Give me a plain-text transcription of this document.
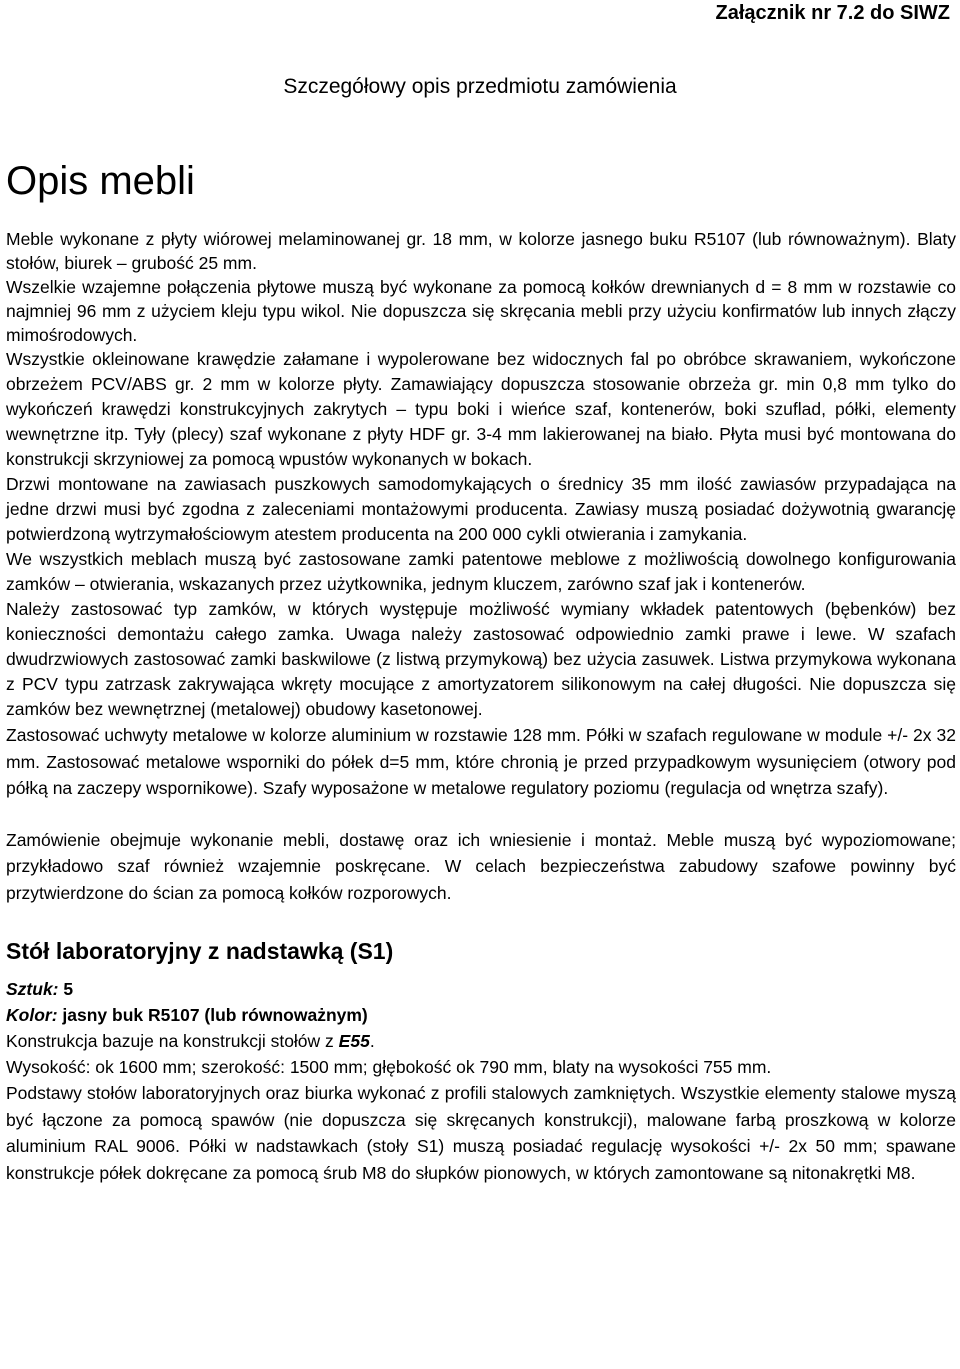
Załącznik nr 7.2 do SIWZ
Szczegółowy opis przedmiotu zamówienia
Opis mebli

Meble wykonane z płyty wiórowej melaminowanej gr. 18 mm, w kolorze jasnego buku R5107 (lub równoważnym). Blaty stołów, biurek – grubość 25 mm.

Wszelkie wzajemne połączenia płytowe muszą być wykonane za pomocą kołków drewnianych d = 8 mm w rozstawie co najmniej 96 mm z użyciem kleju typu wikol. Nie dopuszcza się skręcania mebli przy użyciu konfirmatów lub innych złączy mimośrodowych.

Wszystkie okleinowane krawędzie załamane i wypolerowane bez widocznych fal po obróbce skrawaniem, wykończone obrzeżem PCV/ABS gr. 2 mm w kolorze płyty. Zamawiający dopuszcza stosowanie obrzeża gr. min 0,8 mm tylko do wykończeń krawędzi konstrukcyjnych zakrytych – typu boki i wieńce szaf, kontenerów, boki szuflad, półki, elementy wewnętrzne itp. Tyły (plecy) szaf wykonane z płyty HDF gr. 3-4 mm lakierowanej na biało. Płyta musi być montowana do konstrukcji skrzyniowej za pomocą wpustów wykonanych w bokach.

Drzwi montowane na zawiasach puszkowych samodomykających o średnicy 35 mm ilość zawiasów przypadająca na jedne drzwi musi być zgodna z zaleceniami montażowymi producenta. Zawiasy muszą posiadać dożywotnią gwarancję potwierdzoną wytrzymałościowym atestem producenta na 200 000 cykli otwierania i zamykania.

We wszystkich meblach muszą być zastosowane zamki patentowe meblowe z możliwością dowolnego konfigurowania zamków – otwierania, wskazanych przez użytkownika, jednym kluczem, zarówno szaf jak i kontenerów.

Należy zastosować typ zamków, w których występuje możliwość wymiany wkładek patentowych (bębenków) bez konieczności demontażu całego zamka. Uwaga należy zastosować odpowiednio zamki prawe i lewe. W szafach dwudrzwiowych zastosować zamki baskwilowe (z listwą przymykową) bez użycia zasuwek. Listwa przymykowa wykonana z PCV typu zatrzask zakrywająca wkręty mocujące z amortyzatorem silikonowym na całej długości. Nie dopuszcza się zamków bez wewnętrznej (metalowej) obudowy kasetonowej.

Zastosować uchwyty metalowe w kolorze aluminium w rozstawie 128 mm. Półki w szafach regulowane w module +/- 2x 32 mm. Zastosować metalowe wsporniki do półek d=5 mm, które chronią je przed przypadkowym wysunięciem (otwory pod półką na zaczepy wspornikowe). Szafy wyposażone w metalowe regulatory poziomu (regulacja od wnętrza szafy).

Zamówienie obejmuje wykonanie mebli, dostawę oraz ich wniesienie i montaż. Meble muszą być wypoziomowane; przykładowo szaf również wzajemnie poskręcane. W celach bezpieczeństwa zabudowy szafowe powinny być przytwierdzone do ścian za pomocą kołków rozporowych.

Stół laboratoryjny z nadstawką (S1)

Sztuk: 5

Kolor: jasny buk R5107 (lub równoważnym)

Konstrukcja bazuje na konstrukcji stołów z E55.

Wysokość: ok 1600 mm; szerokość: 1500 mm; głębokość ok 790 mm, blaty na wysokości 755 mm.

Podstawy stołów laboratoryjnych oraz biurka wykonać z profili stalowych zamkniętych. Wszystkie elementy stalowe myszą być łączone za pomocą spawów (nie dopuszcza się skręcanych konstrukcji), malowane farbą proszkową w kolorze aluminium RAL 9006. Półki w nadstawkach (stoły S1) muszą posiadać regulację wysokości +/- 2x 50 mm; spawane konstrukcje półek dokręcane za pomocą śrub M8 do słupków pionowych, w których zamontowane są nitonakrętki M8.
